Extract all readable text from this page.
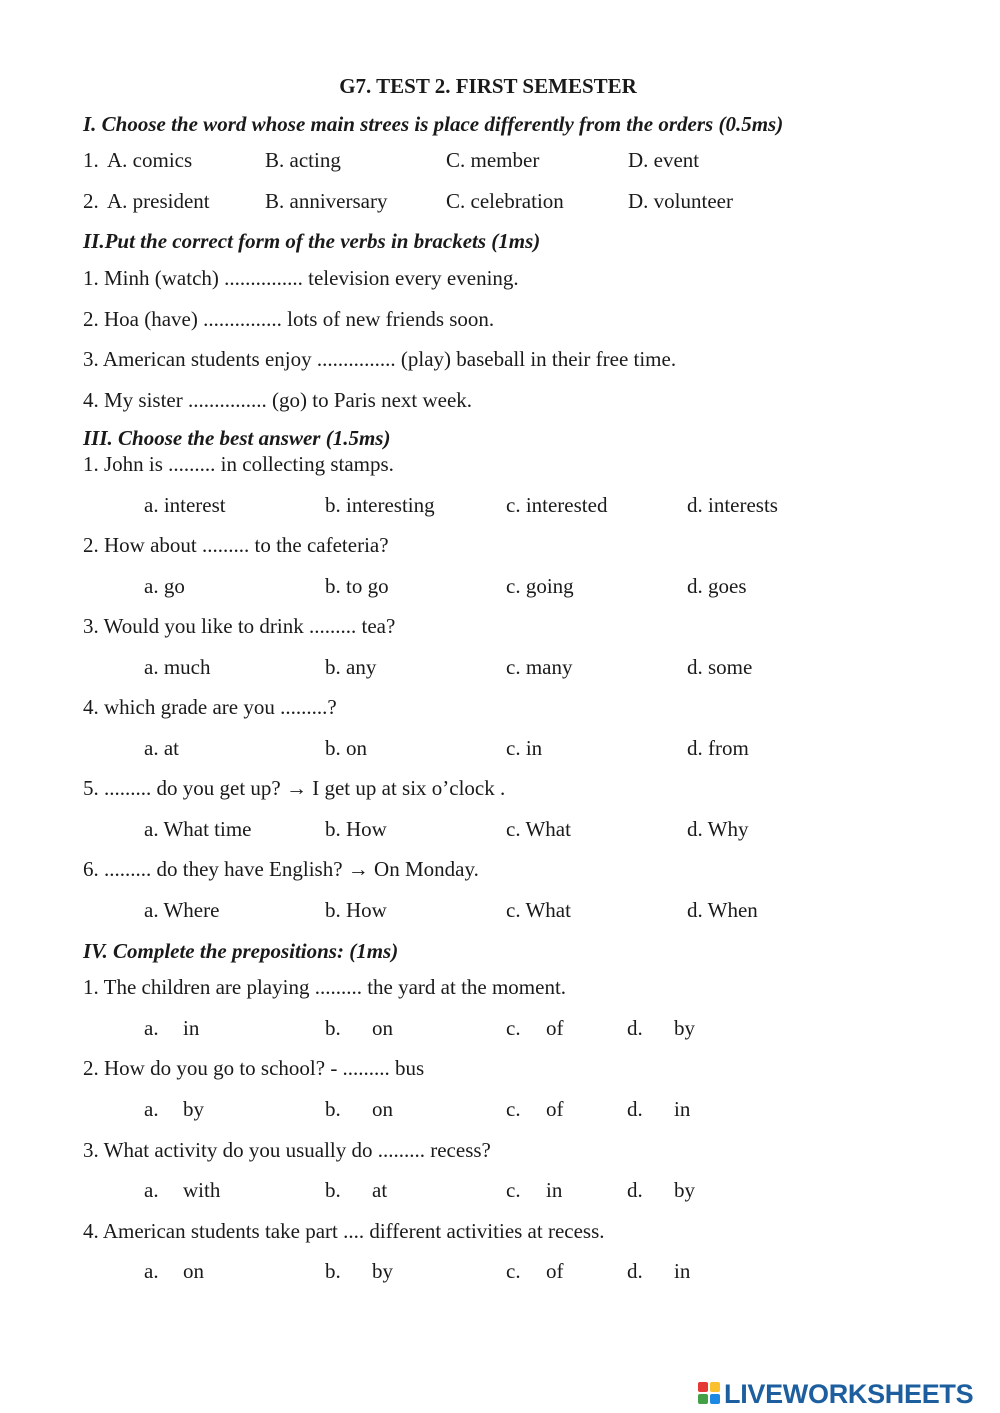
G7. TEST 2. FIRST SEMESTER
I. Choose the word whose main strees is place differently from the orders (0.5ms)
1. A. comics	B. acting	C. member	D. event
2. A. president	B. anniversary	C. celebration	D. volunteer
II.Put the correct form of the verbs in brackets (1ms)
1. Minh (watch) ............... television every evening.
2. Hoa (have) ............... lots of new friends soon.
3. American students enjoy ............... (play) baseball in their free time.
4. My sister ............... (go) to Paris next week.
III. Choose the best answer (1.5ms)
1. John is ......... in collecting stamps.
a. interest	b. interesting	c. interested	d. interests
2. How about ......... to the cafeteria?
a. go	b. to go	c. going	d. goes
3. Would you like to drink ......... tea?
a. much	b. any	c. many	d. some
4. which grade are you .........?
a. at	b. on	c. in	d. from
5. ......... do you get up? → I get up at six o’clock .
a. What time	b. How	c. What	d. Why
6. ......... do they have English? → On Monday.
a. Where	b. How	c. What	d. When
IV. Complete the prepositions: (1ms)
1. The children are playing ......... the yard at the moment.
a. in	b. on	c. of	d. by
2. How do you go to school? - ......... bus
a. by	b. on	c. of	d. in
3. What activity do you usually do ......... recess?
a. with	b. at	c. in	d. by
4. American students take part .... different activities at recess.
a. on	b. by	c. of	d. in
LIVEWORKSHEETS
